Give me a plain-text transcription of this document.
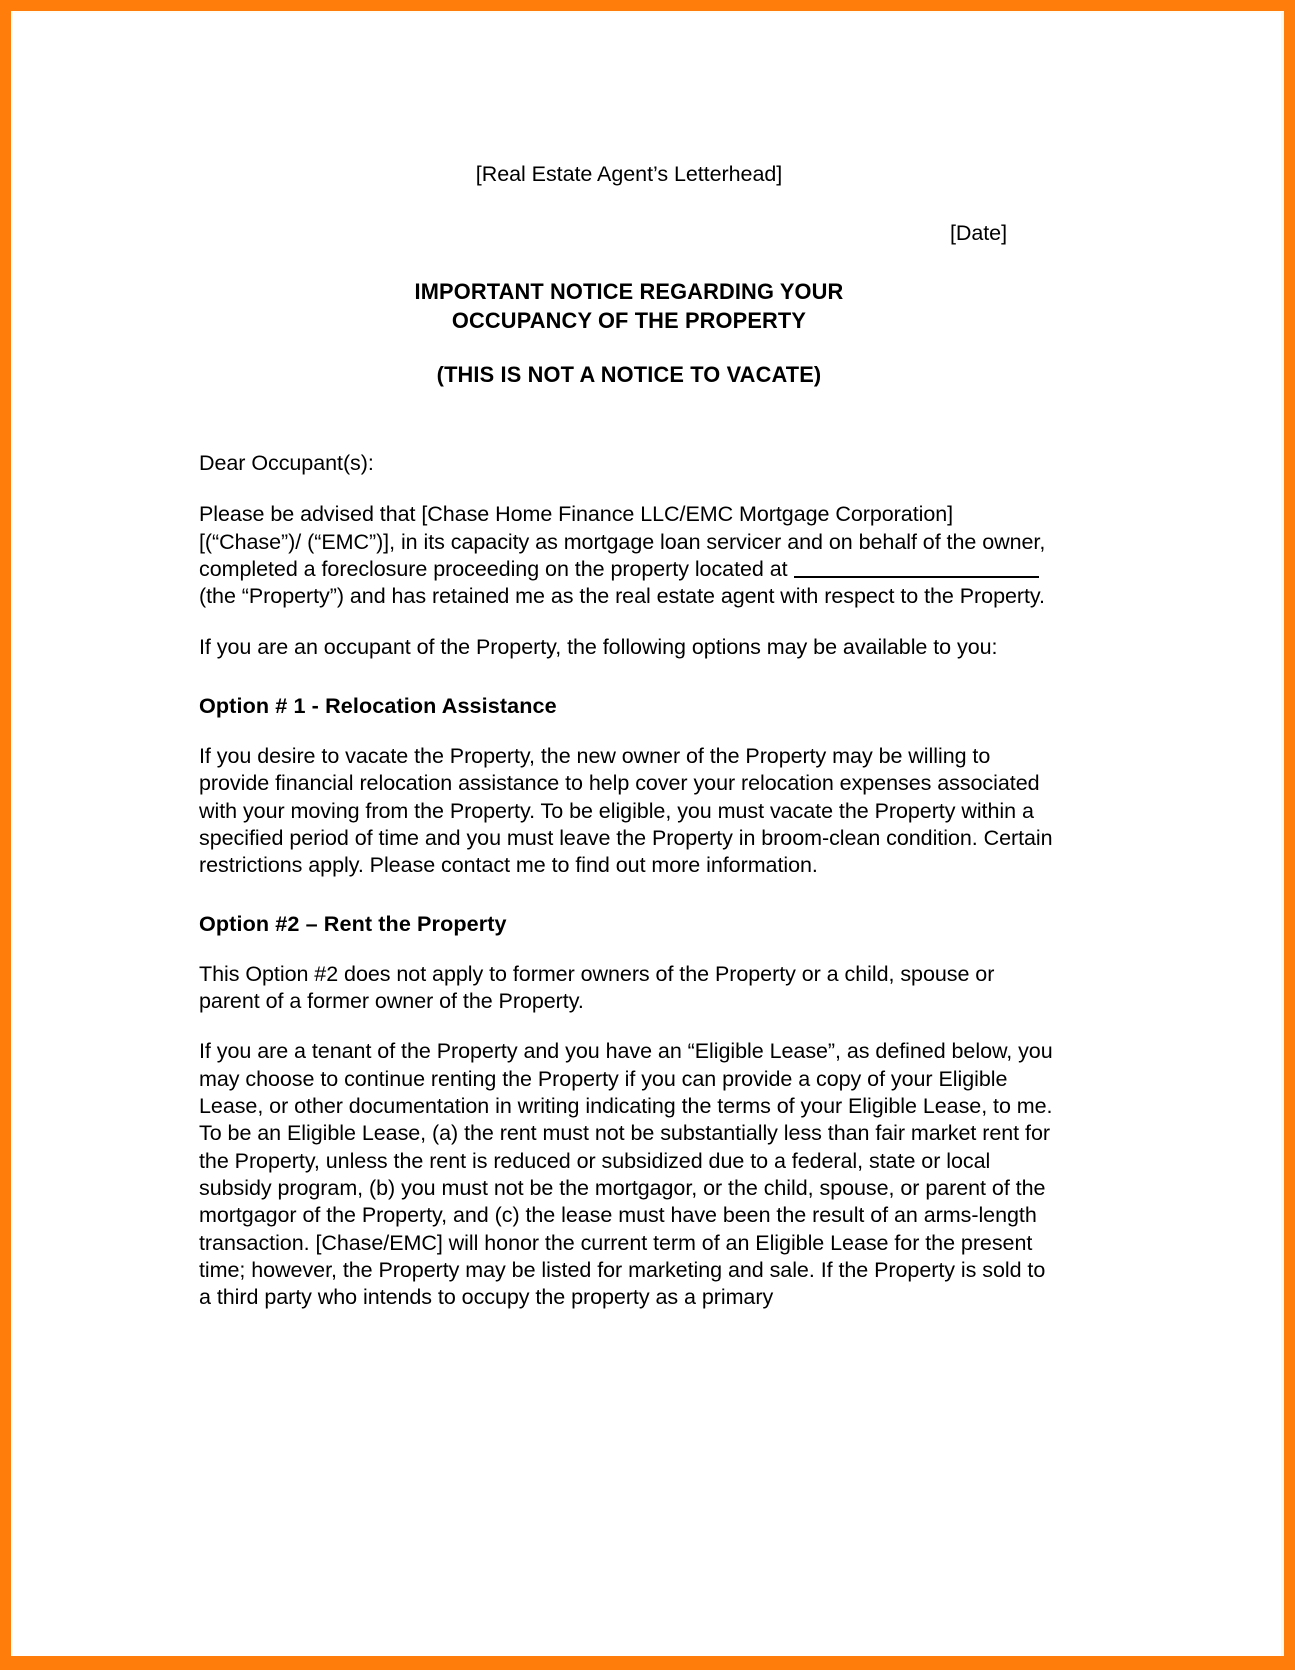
[Real Estate Agent’s Letterhead]
[Date]
IMPORTANT NOTICE REGARDING YOUR
OCCUPANCY OF THE PROPERTY
(THIS IS NOT A NOTICE TO VACATE)
Dear Occupant(s):
Please be advised that [Chase Home Finance LLC/EMC Mortgage Corporation] [(“Chase”)/ (“EMC”)], in its capacity as mortgage loan servicer and on behalf of the owner, completed a foreclosure proceeding on the property located at (the “Property”) and has retained me as the real estate agent with respect to the Property.
If you are an occupant of the Property, the following options may be available to you:
Option # 1 - Relocation Assistance
If you desire to vacate the Property, the new owner of the Property may be willing to provide financial relocation assistance to help cover your relocation expenses associated with your moving from the Property. To be eligible, you must vacate the Property within a specified period of time and you must leave the Property in broom-clean condition. Certain restrictions apply. Please contact me to find out more information.
Option #2 – Rent the Property
This Option #2 does not apply to former owners of the Property or a child, spouse or parent of a former owner of the Property.
If you are a tenant of the Property and you have an “Eligible Lease”, as defined below, you may choose to continue renting the Property if you can provide a copy of your Eligible Lease, or other documentation in writing indicating the terms of your Eligible Lease, to me. To be an Eligible Lease, (a) the rent must not be substantially less than fair market rent for the Property, unless the rent is reduced or subsidized due to a federal, state or local subsidy program, (b) you must not be the mortgagor, or the child, spouse, or parent of the mortgagor of the Property, and (c) the lease must have been the result of an arms-length transaction. [Chase/EMC] will honor the current term of an Eligible Lease for the present time; however, the Property may be listed for marketing and sale. If the Property is sold to a third party who intends to occupy the property as a primary
